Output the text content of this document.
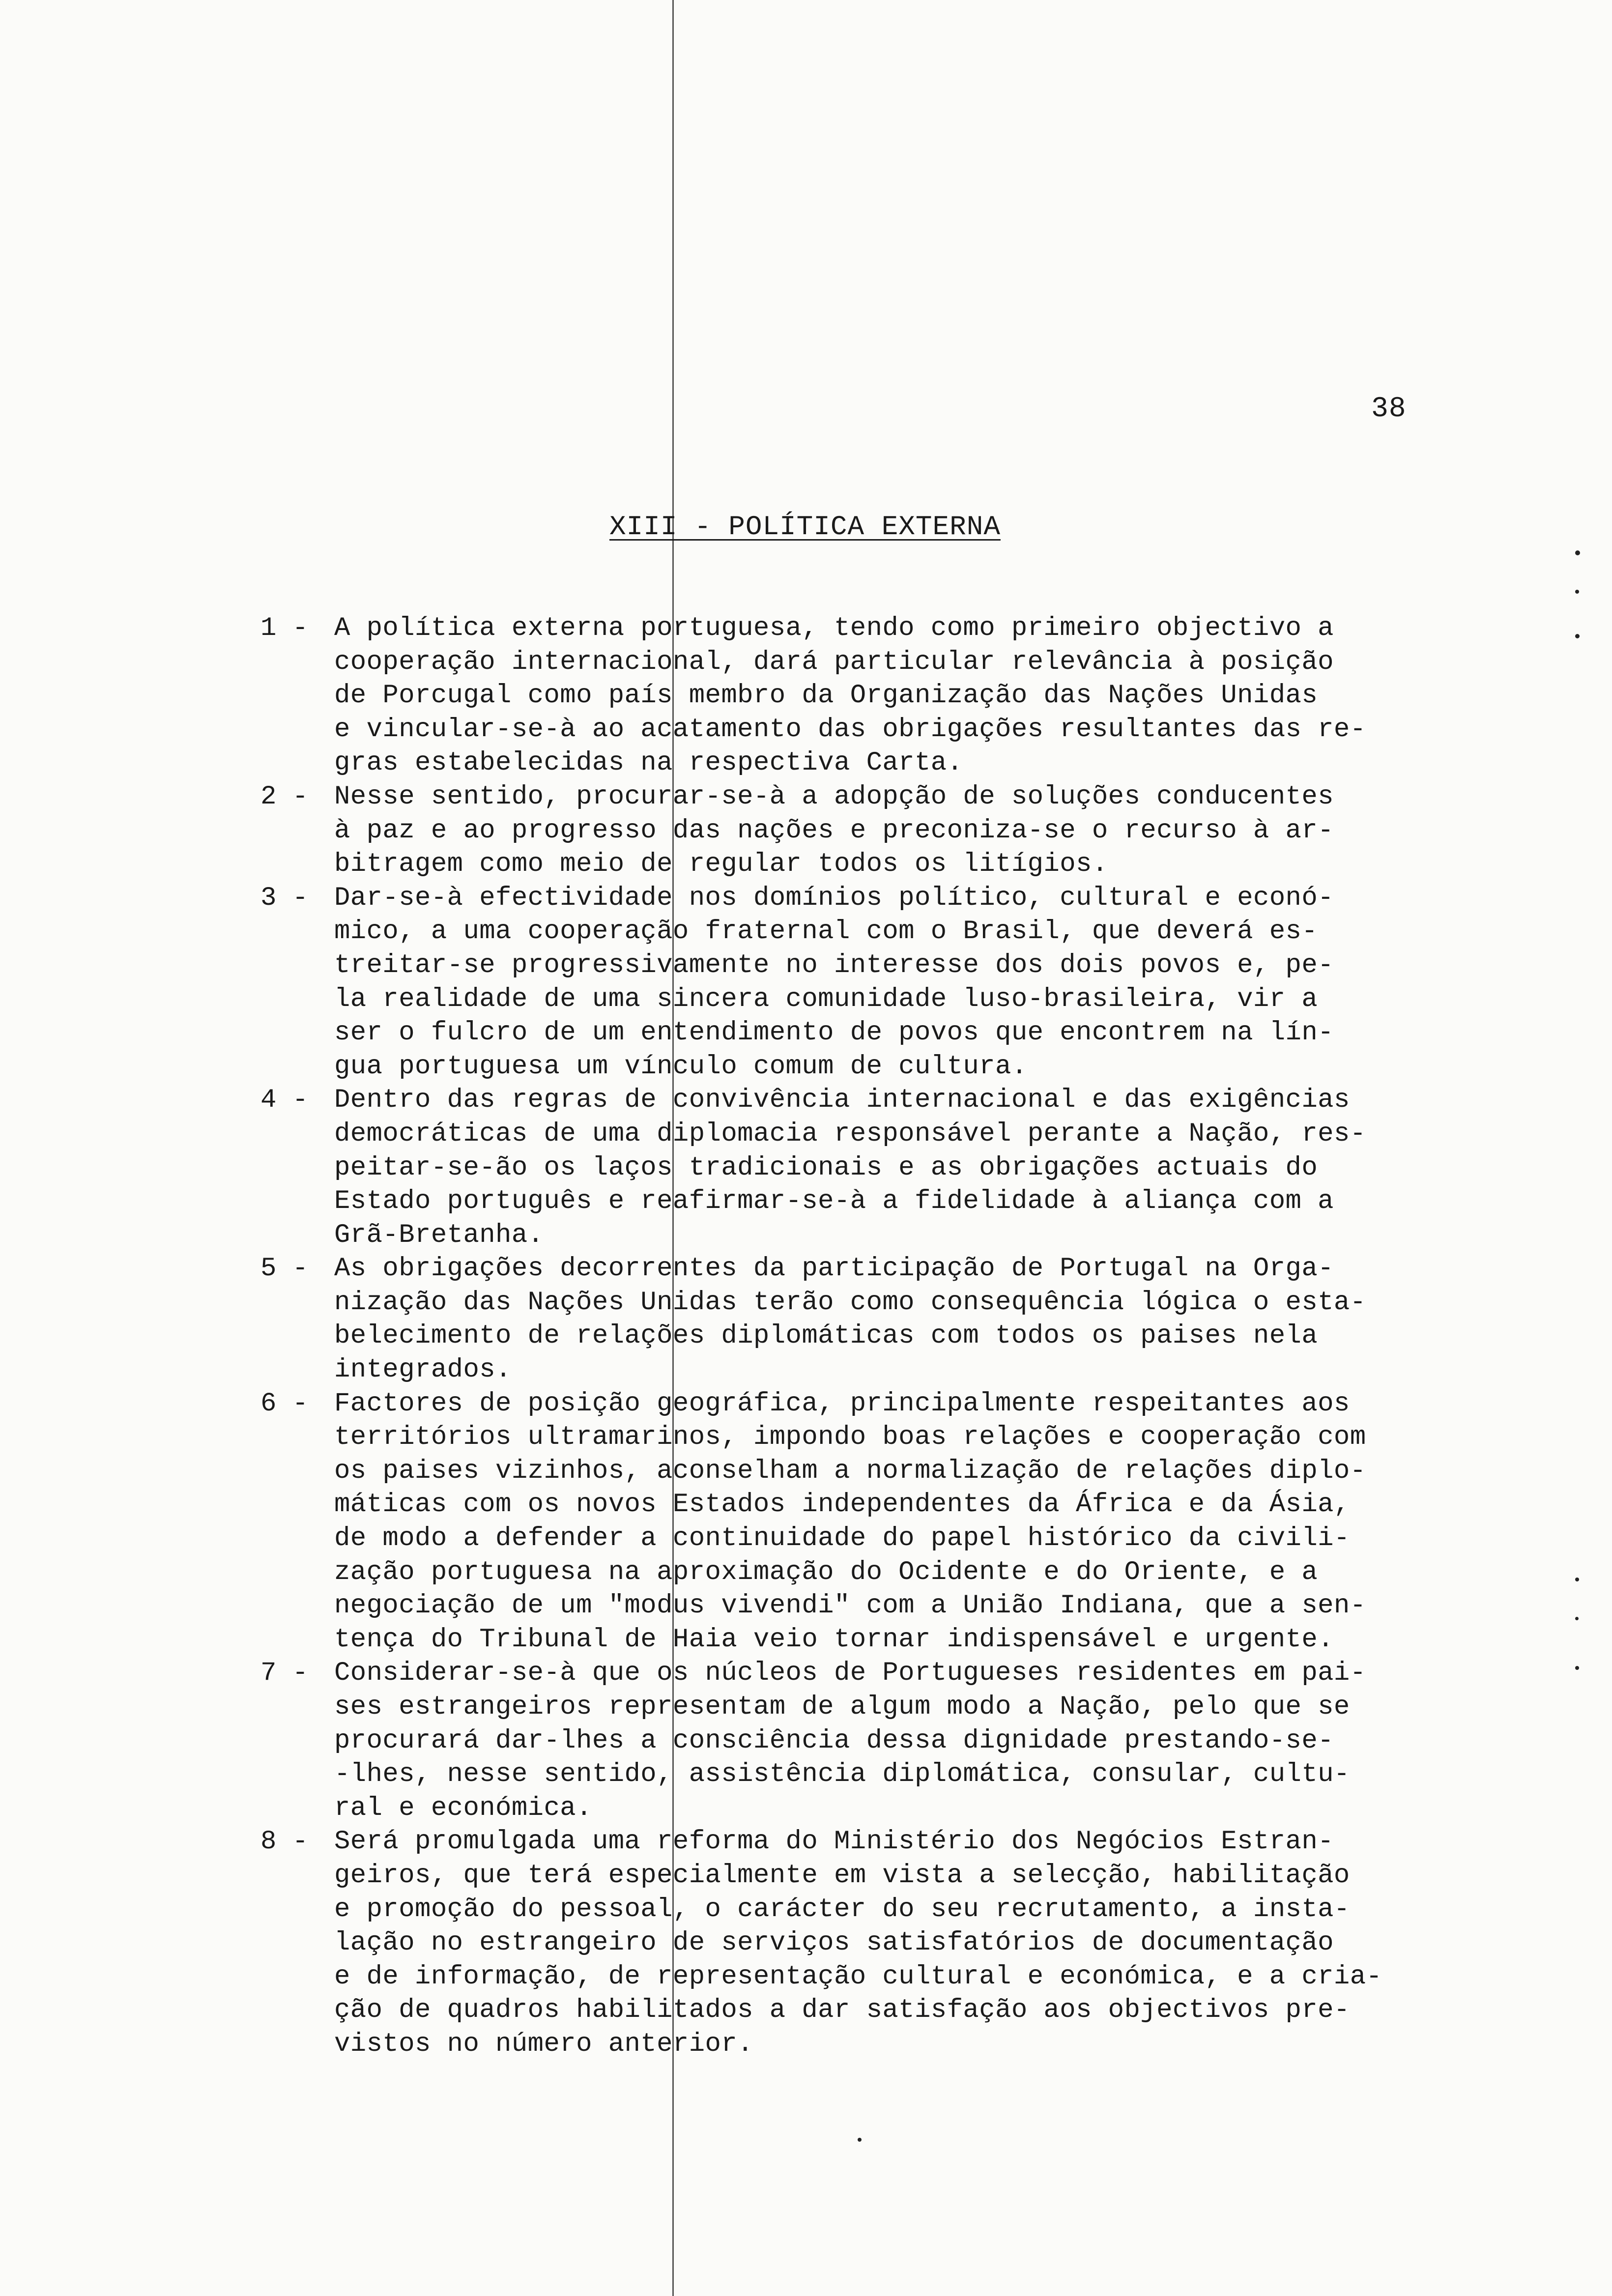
38
XIII - POLÍTICA EXTERNA
1 - A política externa portuguesa, tendo como primeiro objectivo a
cooperação internacional, dará particular relevância à posição
de Porcugal como país membro da Organização das Nações Unidas
e vincular-se-à ao acatamento das obrigações resultantes das re-
gras estabelecidas na respectiva Carta.
2 - Nesse sentido, procurar-se-à a adopção de soluções conducentes
à paz e ao progresso das nações e preconiza-se o recurso à ar-
bitragem como meio de regular todos os litígios.
3 - Dar-se-à efectividade nos domínios político, cultural e econó-
mico, a uma cooperação fraternal com o Brasil, que deverá es-
treitar-se progressivamente no interesse dos dois povos e, pe-
la realidade de uma sincera comunidade luso-brasileira, vir a
ser o fulcro de um entendimento de povos que encontrem na lín-
gua portuguesa um vínculo comum de cultura.
4 - Dentro das regras de convivência internacional e das exigências
democráticas de uma diplomacia responsável perante a Nação, res-
peitar-se-ão os laços tradicionais e as obrigações actuais do
Estado português e reafirmar-se-à a fidelidade à aliança com a
Grã-Bretanha.
5 - As obrigações decorrentes da participação de Portugal na Orga-
nização das Nações Unidas terão como consequência lógica o esta-
belecimento de relações diplomáticas com todos os paises nela
integrados.
6 - Factores de posição geográfica, principalmente respeitantes aos
territórios ultramarinos, impondo boas relações e cooperação com
os paises vizinhos, aconselham a normalização de relações diplo-
máticas com os novos Estados independentes da África e da Ásia,
de modo a defender a continuidade do papel histórico da civili-
zação portuguesa na aproximação do Ocidente e do Oriente, e a
negociação de um "modus vivendi" com a União Indiana, que a sen-
tença do Tribunal de Haia veio tornar indispensável e urgente.
7 - Considerar-se-à que os núcleos de Portugueses residentes em pai-
ses estrangeiros representam de algum modo a Nação, pelo que se
procurará dar-lhes a consciência dessa dignidade prestando-se-
-lhes, nesse sentido, assistência diplomática, consular, cultu-
ral e económica.
8 - Será promulgada uma reforma do Ministério dos Negócios Estran-
geiros, que terá especialmente em vista a selecção, habilitação
e promoção do pessoal, o carácter do seu recrutamento, a insta-
lação no estrangeiro de serviços satisfatórios de documentação
e de informação, de representação cultural e económica, e a cria-
ção de quadros habilitados a dar satisfação aos objectivos pre-
vistos no número anterior.
